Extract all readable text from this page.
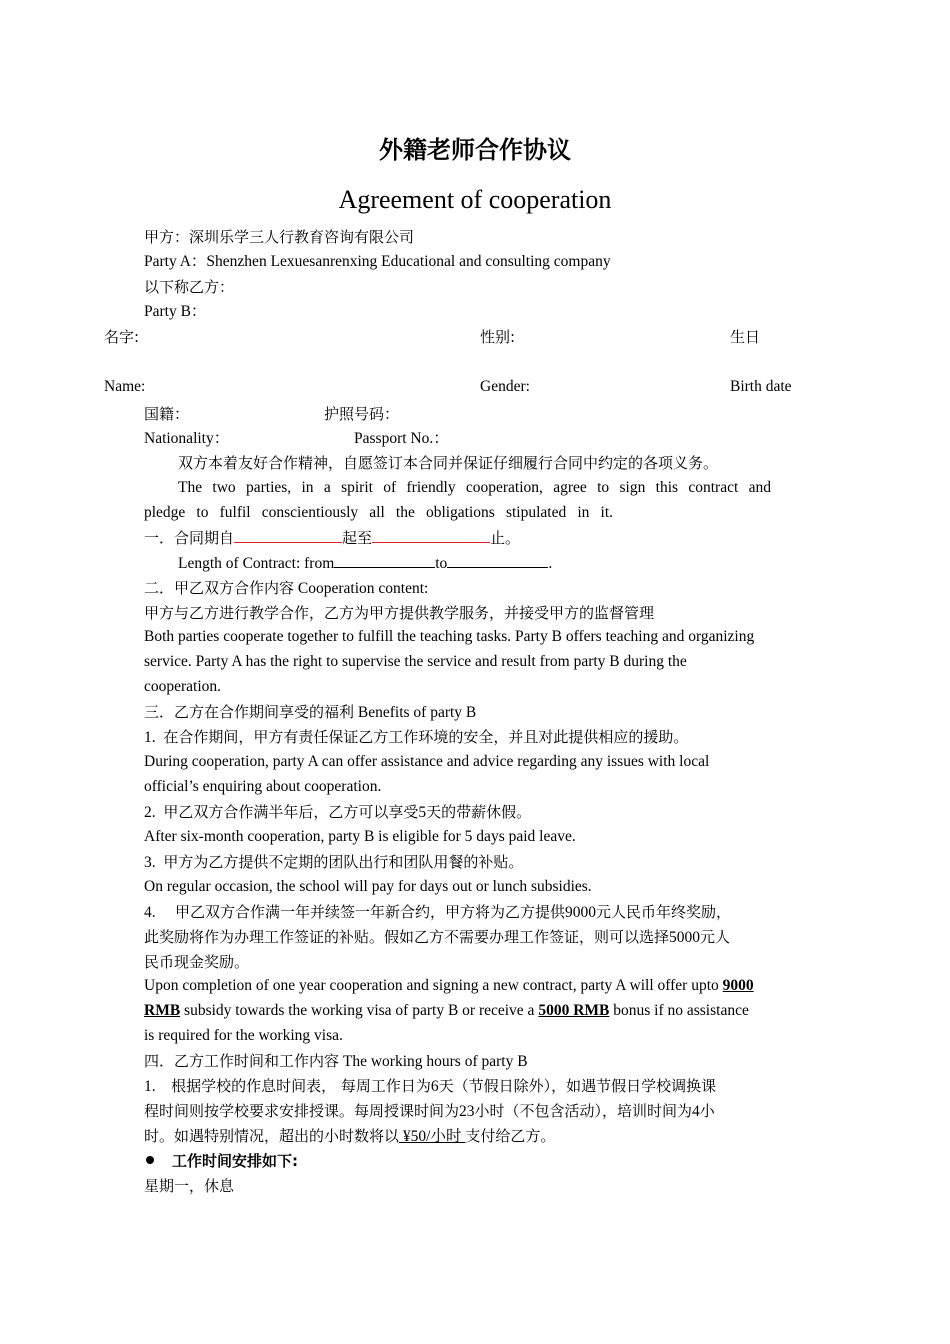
外籍老师合作协议
Agreement of cooperation
甲方：深圳乐学三人行教育咨询有限公司
Party A：Shenzhen Lexuesanrenxing Educational and consulting company
以下称乙方：
Party B：
名字:	性别:	生日
Name:	Gender:	Birth date
国籍：	护照号码：
Nationality：	Passport No.：
双方本着友好合作精神，自愿签订本合同并保证仔细履行合同中约定的各项义务。
The two parties, in a spirit of friendly cooperation, agree to sign this contract and
pledge to fulfil conscientiously all the obligations stipulated in it.
一．合同期自	起至	止。
Length of Contract: from	to	.
二．甲乙双方合作内容 Cooperation content:
甲方与乙方进行教学合作，乙方为甲方提供教学服务，并接受甲方的监督管理
Both parties cooperate together to fulfill the teaching tasks. Party B offers teaching and organizing
service. Party A has the right to supervise the service and result from party B during the
cooperation.
三．乙方在合作期间享受的福利 Benefits of party B
1. 在合作期间，甲方有责任保证乙方工作环境的安全，并且对此提供相应的援助。
During cooperation, party A can offer assistance and advice regarding any issues with local
official’s enquiring about cooperation.
2. 甲乙双方合作满半年后，乙方可以享受5天的带薪休假。
After six-month cooperation, party B is eligible for 5 days paid leave.
3. 甲方为乙方提供不定期的团队出行和团队用餐的补贴。
On regular occasion, the school will pay for days out or lunch subsidies.
4. 甲乙双方合作满一年并续签一年新合约，甲方将为乙方提供9000元人民币年终奖励，
此奖励将作为办理工作签证的补贴。假如乙方不需要办理工作签证，则可以选择5000元人
民币现金奖励。
Upon completion of one year cooperation and signing a new contract, party A will offer upto 9000
RMB subsidy towards the working visa of party B or receive a 5000 RMB bonus if no assistance
is required for the working visa.
四．乙方工作时间和工作内容 The working hours of party B
1. 根据学校的作息时间表， 每周工作日为6天（节假日除外），如遇节假日学校调换课
程时间则按学校要求安排授课。每周授课时间为23小时（不包含活动），培训时间为4小
时。如遇特别情况，超出的小时数将以 ¥50/小时 支付给乙方。
工作时间安排如下:
星期一，休息
